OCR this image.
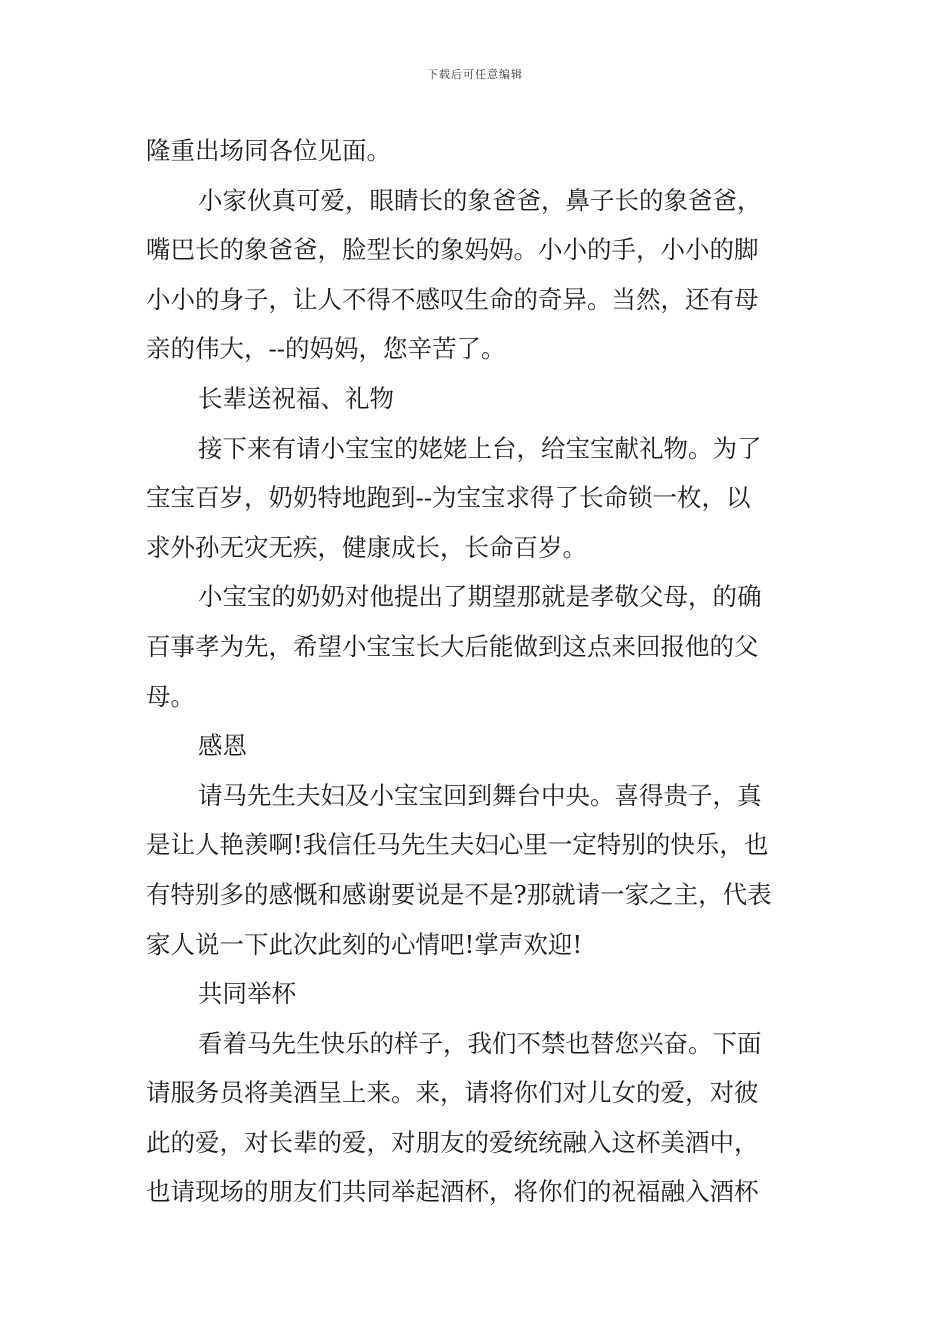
下载后可任意编辑
隆重出场同各位见面。
小家伙真可爱，眼睛长的象爸爸，鼻子长的象爸爸，
嘴巴长的象爸爸，脸型长的象妈妈。小小的手，小小的脚
小小的身子，让人不得不感叹生命的奇异。当然，还有母
亲的伟大，--的妈妈，您辛苦了。
长辈送祝福、礼物
接下来有请小宝宝的姥姥上台，给宝宝献礼物。为了
宝宝百岁，奶奶特地跑到--为宝宝求得了长命锁一枚，以
求外孙无灾无疾，健康成长，长命百岁。
小宝宝的奶奶对他提出了期望那就是孝敬父母，的确
百事孝为先，希望小宝宝长大后能做到这点来回报他的父
母。
感恩
请马先生夫妇及小宝宝回到舞台中央。喜得贵子，真
是让人艳羡啊!我信任马先生夫妇心里一定特别的快乐，也
有特别多的感慨和感谢要说是不是?那就请一家之主，代表
家人说一下此次此刻的心情吧!掌声欢迎!
共同举杯
看着马先生快乐的样子，我们不禁也替您兴奋。下面
请服务员将美酒呈上来。来，请将你们对儿女的爱，对彼
此的爱，对长辈的爱，对朋友的爱统统融入这杯美酒中，
也请现场的朋友们共同举起酒杯，将你们的祝福融入酒杯
